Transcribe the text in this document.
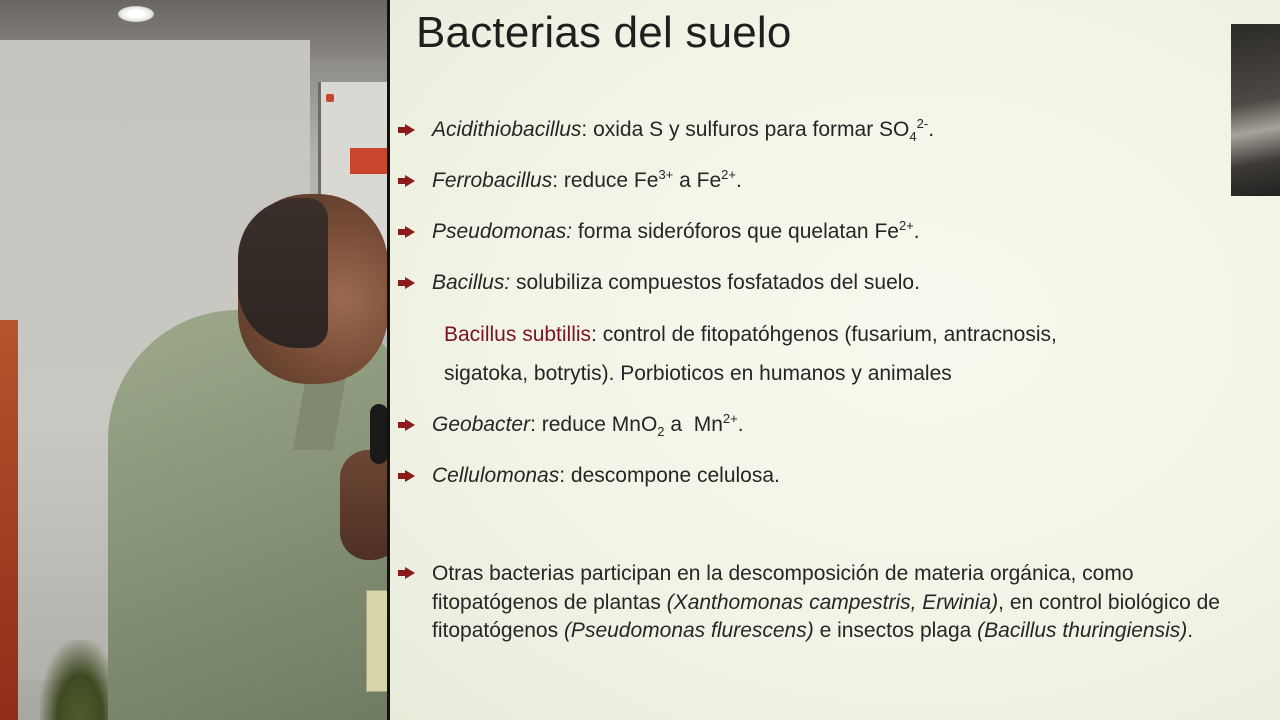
Bacterias del suelo
Acidithiobacillus: oxida S y sulfuros para formar $SO_4^{2-}$.
Ferrobacillus: reduce $Fe^{3+}$ a $Fe^{2+}$.
Pseudomonas: forma sideróforos que quelatan $Fe^{2+}$.
Bacillus: solubiliza compuestos fosfatados del suelo.
Bacillus subtillis: control de fitopatóhgenos (fusarium, antracnosis,
sigatoka, botrytis). Porbioticos en humanos y animales
Geobacter: reduce MnO$_2$ a  $Mn^{2+}$.
Cellulomonas: descompone celulosa.
Otras bacterias participan en la descomposición de materia orgánica, como fitopatógenos de plantas (Xanthomonas campestris, Erwinia), en control biológico de fitopatógenos (Pseudomonas flurescens) e insectos plaga (Bacillus thuringiensis).
